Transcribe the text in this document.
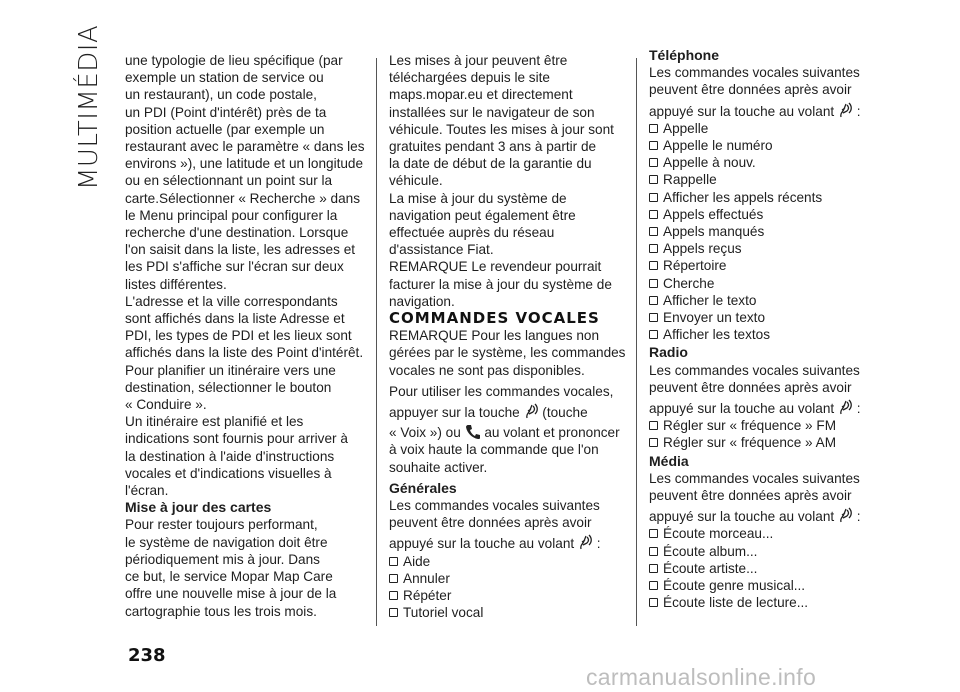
MULTIMÉDIA une typologie de lieu spécifique (par
exemple un station de service ou
un restaurant), un code postale,
un PDI (Point d'intérêt) près de ta
position actuelle (par exemple un
restaurant avec le paramètre « dans les
environs »), une latitude et un longitude
ou en sélectionnant un point sur la
carte.Sélectionner « Recherche » dans
le Menu principal pour configurer la
recherche d'une destination. Lorsque
l'on saisit dans la liste, les adresses et
les PDI s'affiche sur l'écran sur deux
listes différentes.
L'adresse et la ville correspondants
sont affichés dans la liste Adresse et
PDI, les types de PDI et les lieux sont
affichés dans la liste des Point d'intérêt.
Pour planifier un itinéraire vers une
destination, sélectionner le bouton
« Conduire ».
Un itinéraire est planifié et les
indications sont fournis pour arriver à
la destination à l'aide d'instructions
vocales et d'indications visuelles à
l'écran.

Mise à jour des cartes

Pour rester toujours performant,
le système de navigation doit être
périodiquement mis à jour. Dans
ce but, le service Mopar Map Care
offre une nouvelle mise à jour de la
cartographie tous les trois mois.
Les mises à jour peuvent être
téléchargées depuis le site
maps.mopar.eu et directement
installées sur le navigateur de son
véhicule. Toutes les mises à jour sont
gratuites pendant 3 ans à partir de
la date de début de la garantie du
véhicule.
La mise à jour du système de
navigation peut également être
effectuée auprès du réseau
d'assistance Fiat.
REMARQUE Le revendeur pourrait
facturer la mise à jour du système de
navigation.

COMMANDES VOCALES

REMARQUE Pour les langues non
gérées par le système, les commandes
vocales ne sont pas disponibles.

Pour utiliser les commandes vocales,

appuyer sur la touche (touche

« Voix ») ou au volant et prononcer

à voix haute la commande que l'on
souhaite activer.

Générales

Les commandes vocales suivantes
peuvent être données après avoir

appuyé sur la touche au volant :

Aide
Annuler
Répéter
Tutoriel vocal

Téléphone

Les commandes vocales suivantes
peuvent être données après avoir

appuyé sur la touche au volant :

Appelle
Appelle le numéro
Appelle à nouv.
Rappelle
Afficher les appels récents
Appels effectués
Appels manqués
Appels reçus
Répertoire
Cherche
Afficher le texto
Envoyer un texto
Afficher les textos

Radio

Les commandes vocales suivantes
peuvent être données après avoir

appuyé sur la touche au volant :

Régler sur « fréquence » FM
Régler sur « fréquence » AM

Média

Les commandes vocales suivantes
peuvent être données après avoir

appuyé sur la touche au volant :

Écoute morceau...
Écoute album...
Écoute artiste...
Écoute genre musical...
Écoute liste de lecture...
238
carmanualsonline.info
